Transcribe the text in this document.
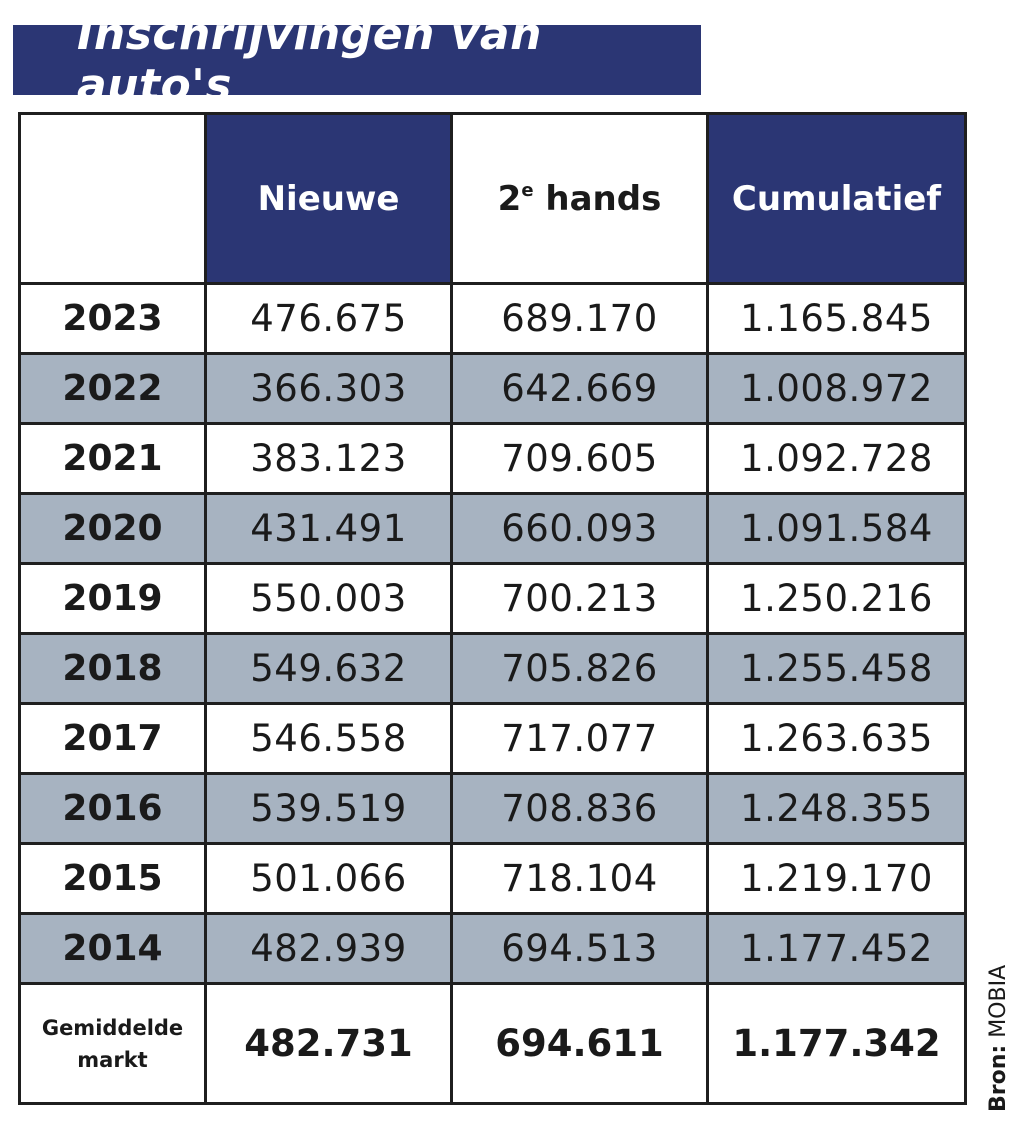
Inschrijvingen van auto's
	Nieuwe	2e hands	Cumulatief
2023	476.675	689.170	1.165.845
2022	366.303	642.669	1.008.972
2021	383.123	709.605	1.092.728
2020	431.491	660.093	1.091.584
2019	550.003	700.213	1.250.216
2018	549.632	705.826	1.255.458
2017	546.558	717.077	1.263.635
2016	539.519	708.836	1.248.355
2015	501.066	718.104	1.219.170
2014	482.939	694.513	1.177.452
Gemiddelde
markt	482.731	694.611	1.177.342
Bron: MOBIA
